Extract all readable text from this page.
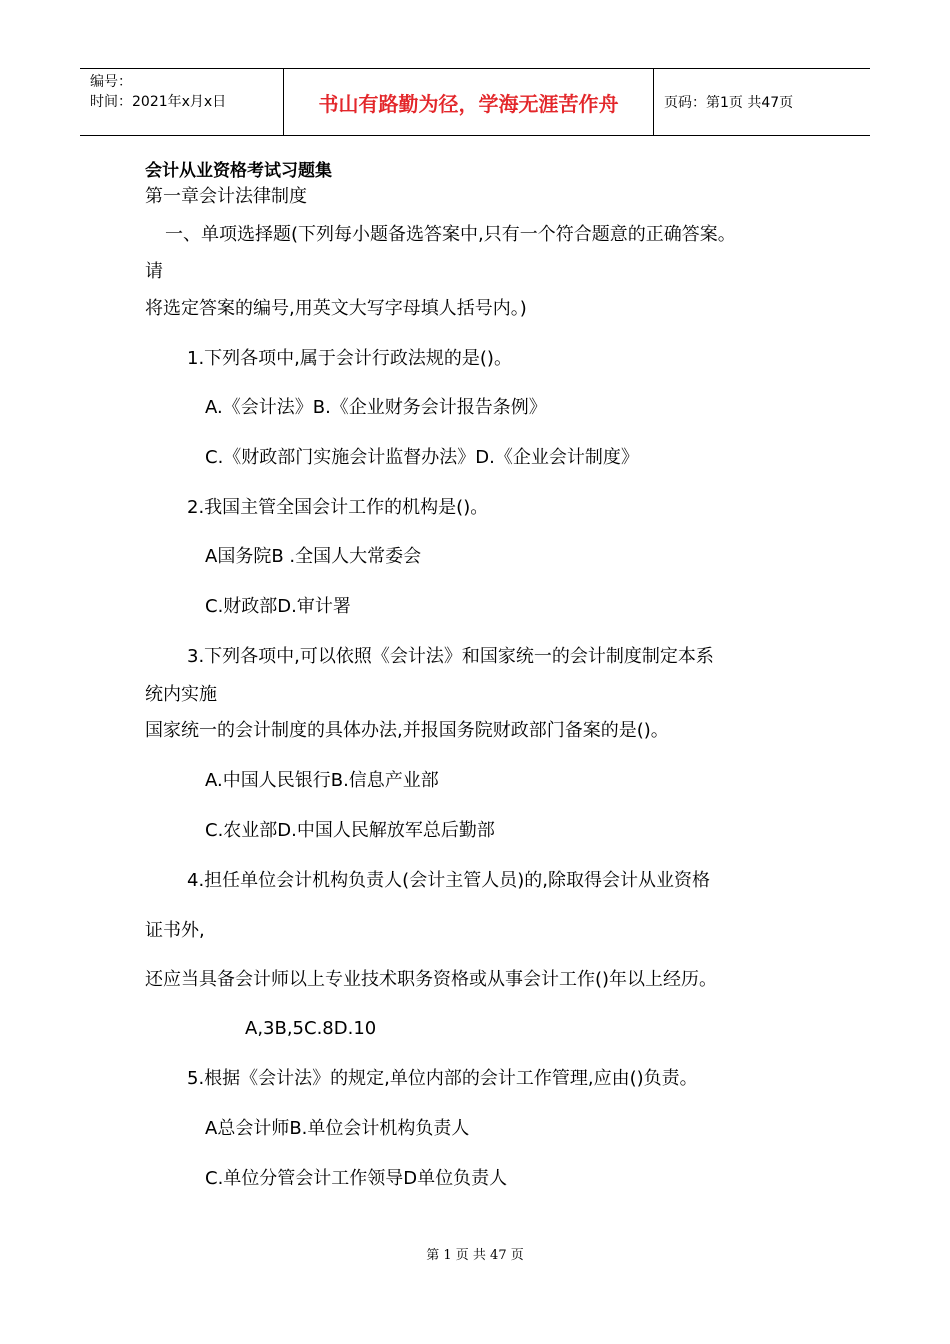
编号：
时间：2021年x月x日	书山有路勤为径，学海无涯苦作舟	页码：第1页 共47页
会计从业资格考试习题集
第一章会计法律制度
一、单项选择题(下列每小题备选答案中,只有一个符合题意的正确答案。
请
将选定答案的编号,用英文大写字母填人括号内。)
1.下列各项中,属于会计行政法规的是()。
A.《会计法》B.《企业财务会计报告条例》
C.《财政部门实施会计监督办法》D.《企业会计制度》
2.我国主管全国会计工作的机构是()。
A国务院B .全国人大常委会
C.财政部D.审计署
3.下列各项中,可以依照《会计法》和国家统一的会计制度制定本系
统内实施
国家统一的会计制度的具体办法,并报国务院财政部门备案的是()。
A.中国人民银行B.信息产业部
C.农业部D.中国人民解放军总后勤部
4.担任单位会计机构负责人(会计主管人员)的,除取得会计从业资格
证书外,
还应当具备会计师以上专业技术职务资格或从事会计工作()年以上经历。
A,3B,5C.8D.10
5.根据《会计法》的规定,单位内部的会计工作管理,应由()负责。
A总会计师B.单位会计机构负责人
C.单位分管会计工作领导D单位负责人
第 1 页 共 47 页
